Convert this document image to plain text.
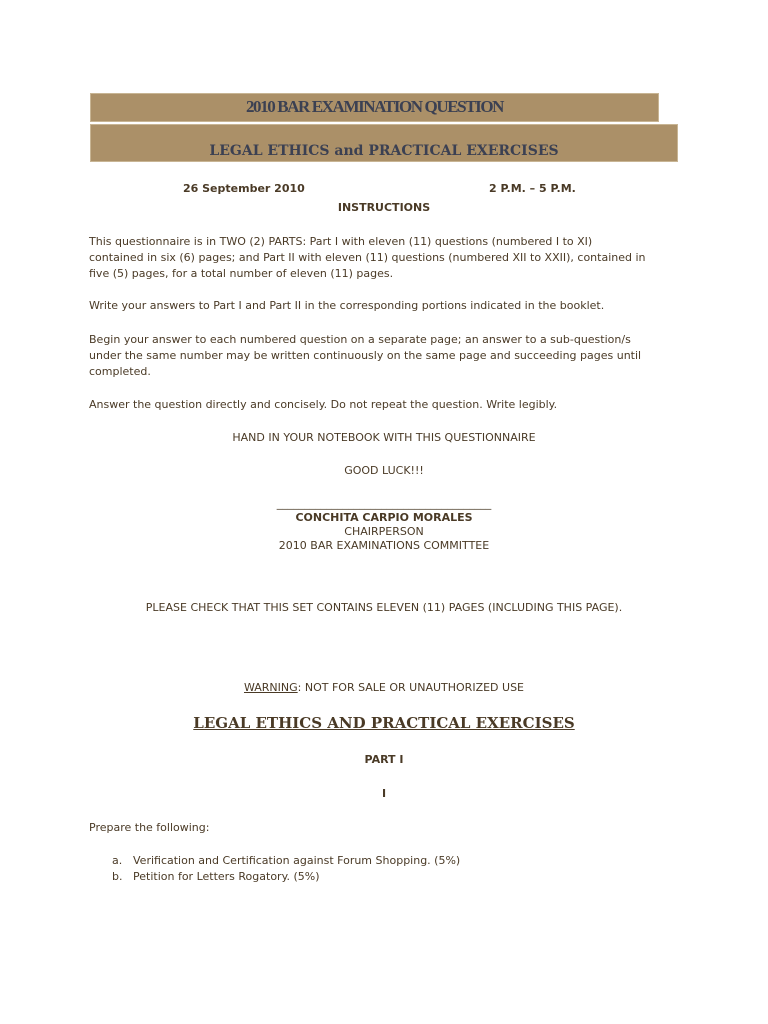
2010 BAR EXAMINATION QUESTION
LEGAL ETHICS and PRACTICAL EXERCISES
26 September 2010	2 P.M. – 5 P.M.
INSTRUCTIONS
This questionnaire is in TWO (2) PARTS: Part I with eleven (11) questions (numbered I to XI)
contained in six (6) pages; and Part II with eleven (11) questions (numbered XII to XXII), contained in
five (5) pages, for a total number of eleven (11) pages.
Write your answers to Part I and Part II in the corresponding portions indicated in the booklet.
Begin your answer to each numbered question on a separate page; an answer to a sub-question/s
under the same number may be written continuously on the same page and succeeding pages until
completed.
Answer the question directly and concisely. Do not repeat the question. Write legibly.
HAND IN YOUR NOTEBOOK WITH THIS QUESTIONNAIRE
GOOD LUCK!!!
_______________________________________
CONCHITA CARPIO MORALES
CHAIRPERSON
2010 BAR EXAMINATIONS COMMITTEE
PLEASE CHECK THAT THIS SET CONTAINS ELEVEN (11) PAGES (INCLUDING THIS PAGE).
WARNING: NOT FOR SALE OR UNAUTHORIZED USE
LEGAL ETHICS AND PRACTICAL EXERCISES
PART I
I
Prepare the following:
a. Verification and Certification against Forum Shopping. (5%)
b. Petition for Letters Rogatory. (5%)
